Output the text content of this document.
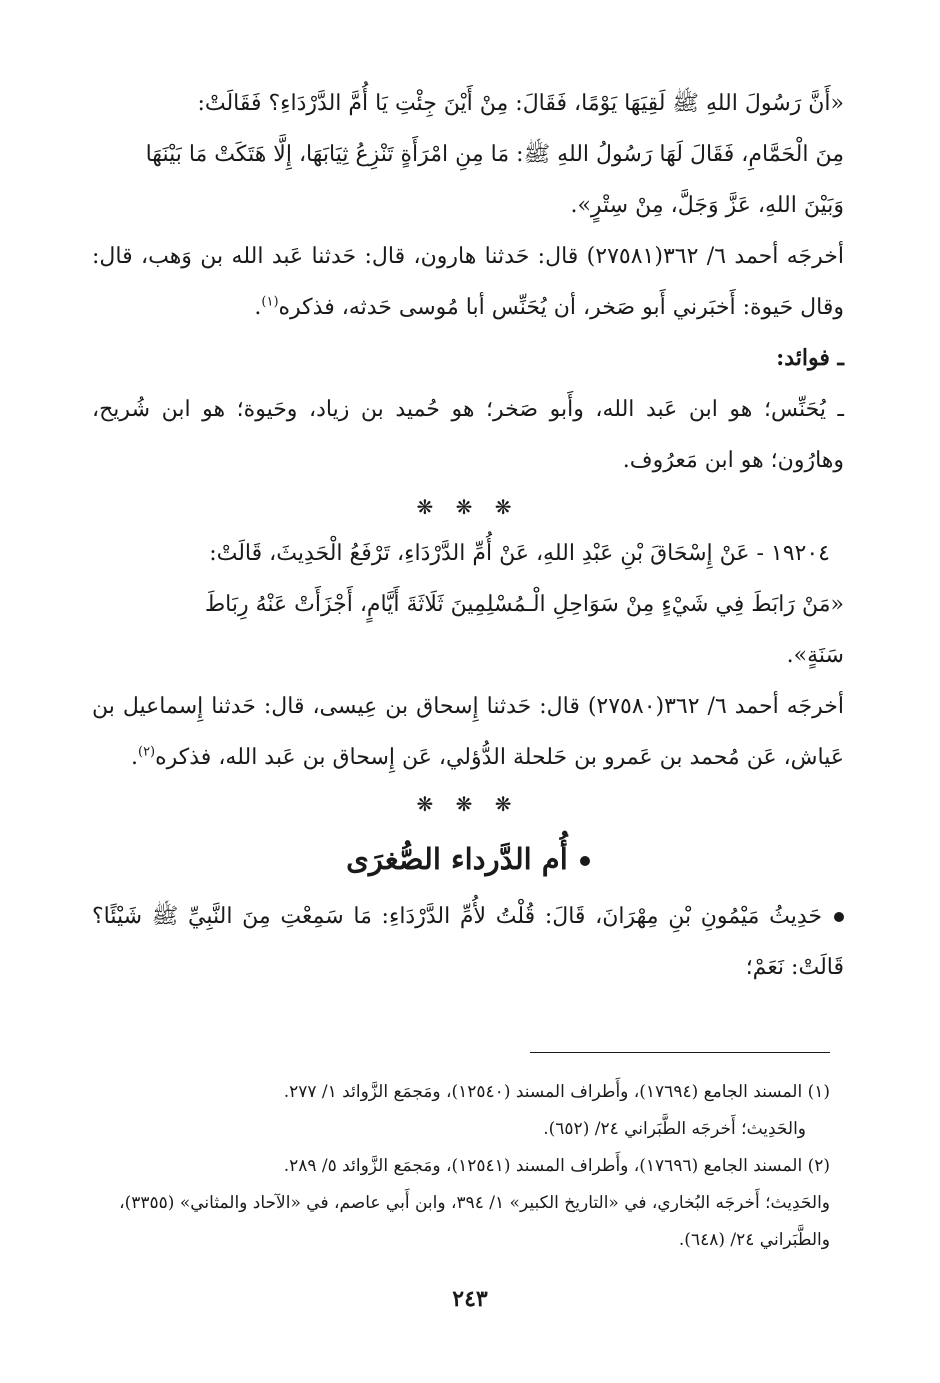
«أَنَّ رَسُولَ اللهِ ﷺ لَقِيَهَا يَوْمًا، فَقَالَ: مِنْ أَيْنَ جِئْتِ يَا أُمَّ الدَّرْدَاءِ؟ فَقَالَتْ:

مِنَ الْحَمَّامِ، فَقَالَ لَهَا رَسُولُ اللهِ ﷺ: مَا مِنِ امْرَأَةٍ تَنْزِعُ ثِيَابَهَا، إِلَّا هَتَكَتْ مَا بَيْنَهَا

وَبَيْنَ اللهِ، عَزَّ وَجَلَّ، مِنْ سِتْرٍ».

أخرجَه أحمد ٦/ ٣٦٢(٢٧٥٨١) قال: حَدثنا هارون، قال: حَدثنا عَبد الله بن وَهب، قال: وقال حَيوة: أَخبَرني أَبو صَخر، أن يُحَنِّس أبا مُوسى حَدثه، فذكره$^{(١)}$.

ـ فوائد:

ـ يُحَنِّس؛ هو ابن عَبد الله، وأَبو صَخر؛ هو حُميد بن زياد، وحَيوة؛ هو ابن شُريح، وهارُون؛ هو ابن مَعرُوف.

❋ ❋ ❋

١٩٢٠٤ - عَنْ إِسْحَاقَ بْنِ عَبْدِ اللهِ، عَنْ أُمِّ الدَّرْدَاءِ، تَرْفَعُ الْحَدِيثَ، قَالَتْ:

«مَنْ رَابَطَ فِي شَيْءٍ مِنْ سَوَاحِلِ الْـمُسْلِمِينَ ثَلَاثَةَ أَيَّامٍ، أَجْزَأَتْ عَنْهُ رِبَاطَ

سَنَةٍ».

أخرجَه أحمد ٦/ ٣٦٢(٢٧٥٨٠) قال: حَدثنا إِسحاق بن عِيسى، قال: حَدثنا إِسماعيل بن عَياش، عَن مُحمد بن عَمرو بن حَلحلة الدُّؤلي، عَن إِسحاق بن عَبد الله، فذكره$^{(٢)}$.

❋ ❋ ❋

أُم الدَّرداء الصُّغرَى

حَدِيثُ مَيْمُونِ بْنِ مِهْرَانَ، قَالَ: قُلْتُ لأُمِّ الدَّرْدَاءِ: مَا سَمِعْتِ مِنَ النَّبِيِّ ﷺ شَيْئًا؟ قَالَتْ: نَعَمْ؛

(١) المسند الجامع (١٧٦٩٤)، وأَطراف المسند (١٢٥٤٠)، ومَجمَع الزَّوائد ١/ ٢٧٧.

والحَدِيث؛ أَخرجَه الطَّبَراني ٢٤/ (٦٥٢).

(٢) المسند الجامع (١٧٦٩٦)، وأَطراف المسند (١٢٥٤١)، ومَجمَع الزَّوائد ٥/ ٢٨٩.

والحَدِيث؛ أَخرجَه البُخاري، في «التاريخ الكبير» ١/ ٣٩٤، وابن أَبي عاصم، في «الآحاد والمثاني» (٣٣٥٥)، والطَّبَراني ٢٤/ (٦٤٨).

٢٤٣
